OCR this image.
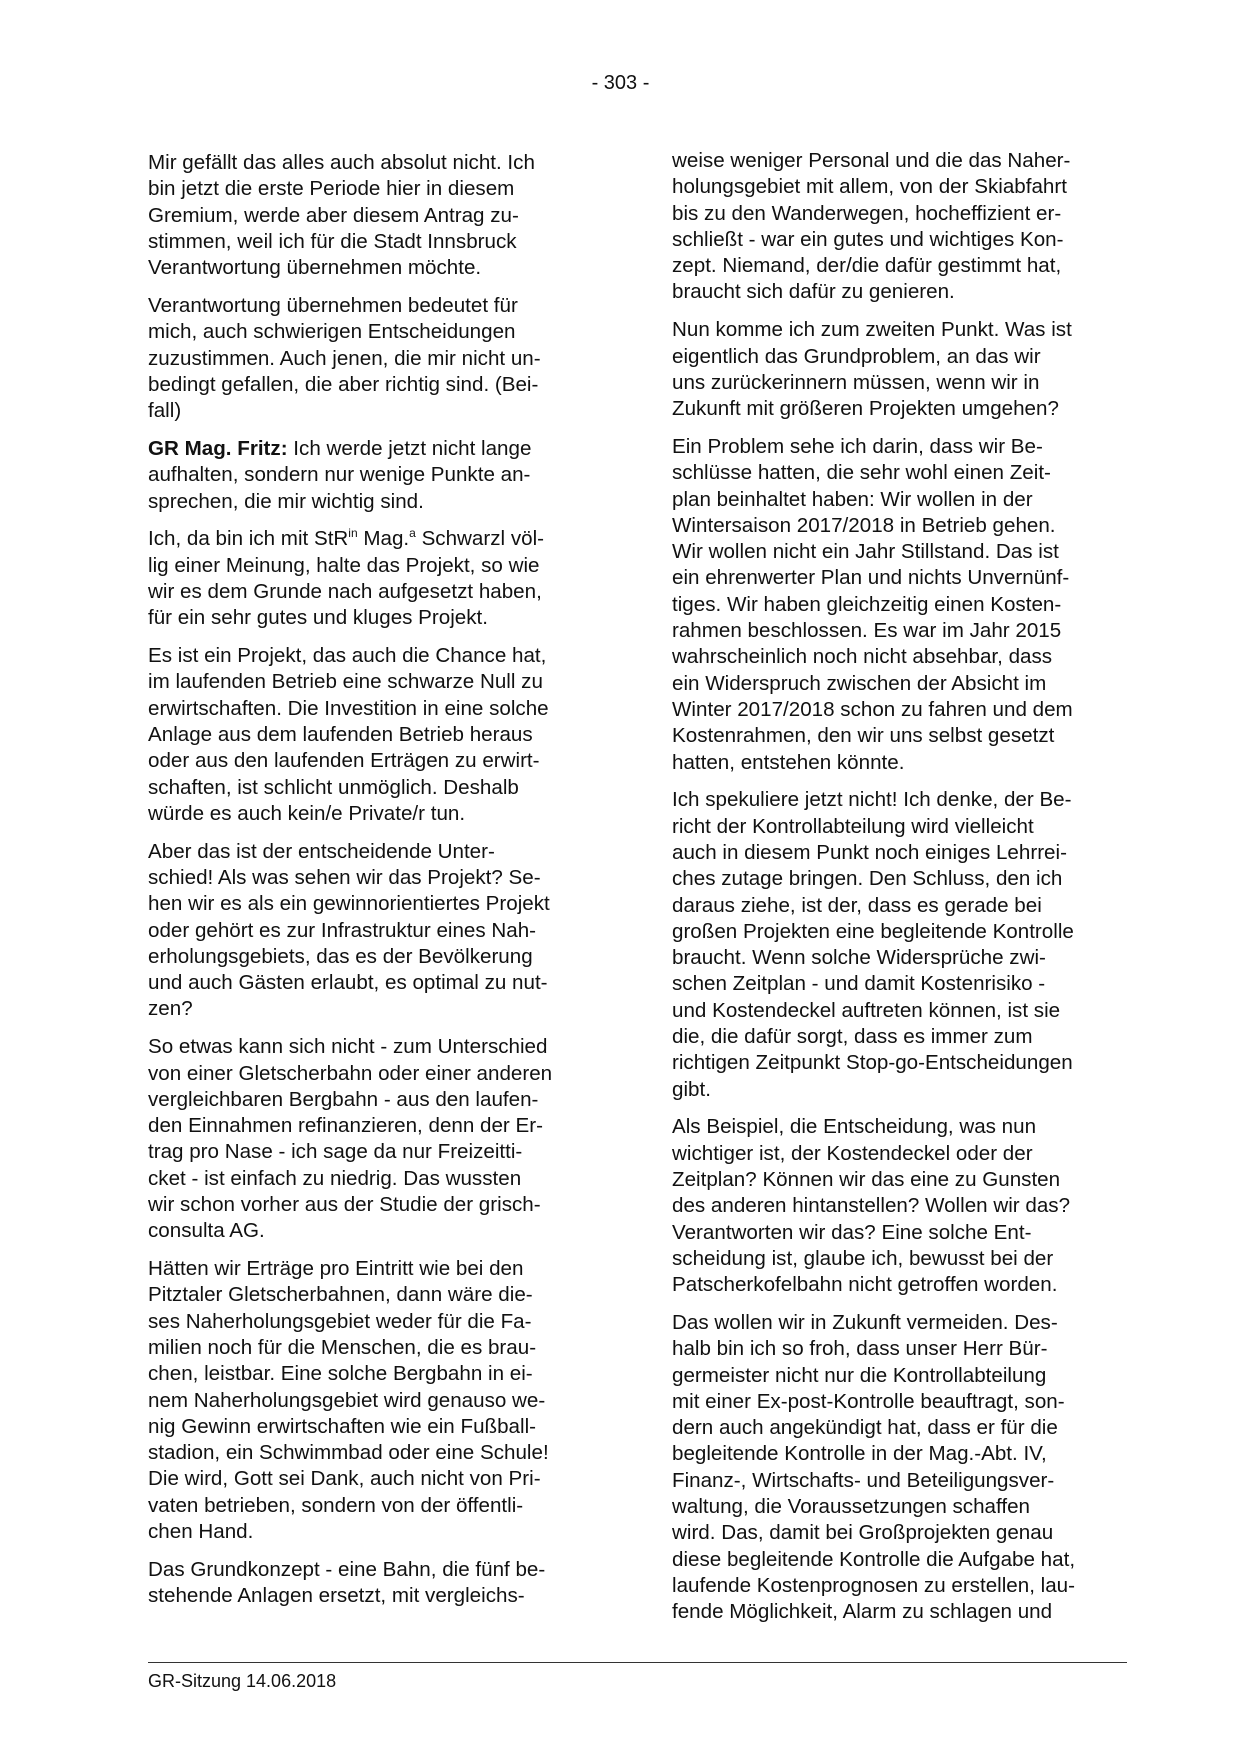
- 303 -

Mir gefällt das alles auch absolut nicht. Ich
bin jetzt die erste Periode hier in diesem
Gremium, werde aber diesem Antrag zu-
stimmen, weil ich für die Stadt Innsbruck
Verantwortung übernehmen möchte.

Verantwortung übernehmen bedeutet für
mich, auch schwierigen Entscheidungen
zuzustimmen. Auch jenen, die mir nicht un-
bedingt gefallen, die aber richtig sind. (Bei-
fall)

GR Mag. Fritz: Ich werde jetzt nicht lange
aufhalten, sondern nur wenige Punkte an-
sprechen, die mir wichtig sind.

Ich, da bin ich mit StR$^{in}$ Mag.$^a$ Schwarzl völ-
lig einer Meinung, halte das Projekt, so wie
wir es dem Grunde nach aufgesetzt haben,
für ein sehr gutes und kluges Projekt.

Es ist ein Projekt, das auch die Chance hat,
im laufenden Betrieb eine schwarze Null zu
erwirtschaften. Die Investition in eine solche
Anlage aus dem laufenden Betrieb heraus
oder aus den laufenden Erträgen zu erwirt-
schaften, ist schlicht unmöglich. Deshalb
würde es auch kein/e Private/r tun.

Aber das ist der entscheidende Unter-
schied! Als was sehen wir das Projekt? Se-
hen wir es als ein gewinnorientiertes Projekt
oder gehört es zur Infrastruktur eines Nah-
erholungsgebiets, das es der Bevölkerung
und auch Gästen erlaubt, es optimal zu nut-
zen?

So etwas kann sich nicht - zum Unterschied
von einer Gletscherbahn oder einer anderen
vergleichbaren Bergbahn - aus den laufen-
den Einnahmen refinanzieren, denn der Er-
trag pro Nase - ich sage da nur Freizeitti-
cket - ist einfach zu niedrig. Das wussten
wir schon vorher aus der Studie der grisch-
consulta AG.

Hätten wir Erträge pro Eintritt wie bei den
Pitztaler Gletscherbahnen, dann wäre die-
ses Naherholungsgebiet weder für die Fa-
milien noch für die Menschen, die es brau-
chen, leistbar. Eine solche Bergbahn in ei-
nem Naherholungsgebiet wird genauso we-
nig Gewinn erwirtschaften wie ein Fußball-
stadion, ein Schwimmbad oder eine Schule!
Die wird, Gott sei Dank, auch nicht von Pri-
vaten betrieben, sondern von der öffentli-
chen Hand.

Das Grundkonzept - eine Bahn, die fünf be-
stehende Anlagen ersetzt, mit vergleichs-

weise weniger Personal und die das Naher-
holungsgebiet mit allem, von der Skiabfahrt
bis zu den Wanderwegen, hocheffizient er-
schließt - war ein gutes und wichtiges Kon-
zept. Niemand, der/die dafür gestimmt hat,
braucht sich dafür zu genieren.

Nun komme ich zum zweiten Punkt. Was ist
eigentlich das Grundproblem, an das wir
uns zurückerinnern müssen, wenn wir in
Zukunft mit größeren Projekten umgehen?

Ein Problem sehe ich darin, dass wir Be-
schlüsse hatten, die sehr wohl einen Zeit-
plan beinhaltet haben: Wir wollen in der
Wintersaison 2017/2018 in Betrieb gehen.
Wir wollen nicht ein Jahr Stillstand. Das ist
ein ehrenwerter Plan und nichts Unvernünf-
tiges. Wir haben gleichzeitig einen Kosten-
rahmen beschlossen. Es war im Jahr 2015
wahrscheinlich noch nicht absehbar, dass
ein Widerspruch zwischen der Absicht im
Winter 2017/2018 schon zu fahren und dem
Kostenrahmen, den wir uns selbst gesetzt
hatten, entstehen könnte.

Ich spekuliere jetzt nicht! Ich denke, der Be-
richt der Kontrollabteilung wird vielleicht
auch in diesem Punkt noch einiges Lehrrei-
ches zutage bringen. Den Schluss, den ich
daraus ziehe, ist der, dass es gerade bei
großen Projekten eine begleitende Kontrolle
braucht. Wenn solche Widersprüche zwi-
schen Zeitplan - und damit Kostenrisiko -
und Kostendeckel auftreten können, ist sie
die, die dafür sorgt, dass es immer zum
richtigen Zeitpunkt Stop-go-Entscheidungen
gibt.

Als Beispiel, die Entscheidung, was nun
wichtiger ist, der Kostendeckel oder der
Zeitplan? Können wir das eine zu Gunsten
des anderen hintanstellen? Wollen wir das?
Verantworten wir das? Eine solche Ent-
scheidung ist, glaube ich, bewusst bei der
Patscherkofelbahn nicht getroffen worden.

Das wollen wir in Zukunft vermeiden. Des-
halb bin ich so froh, dass unser Herr Bür-
germeister nicht nur die Kontrollabteilung
mit einer Ex-post-Kontrolle beauftragt, son-
dern auch angekündigt hat, dass er für die
begleitende Kontrolle in der Mag.-Abt. IV,
Finanz-, Wirtschafts- und Beteiligungsver-
waltung, die Voraussetzungen schaffen
wird. Das, damit bei Großprojekten genau
diese begleitende Kontrolle die Aufgabe hat,
laufende Kostenprognosen zu erstellen, lau-
fende Möglichkeit, Alarm zu schlagen und

GR-Sitzung 14.06.2018
